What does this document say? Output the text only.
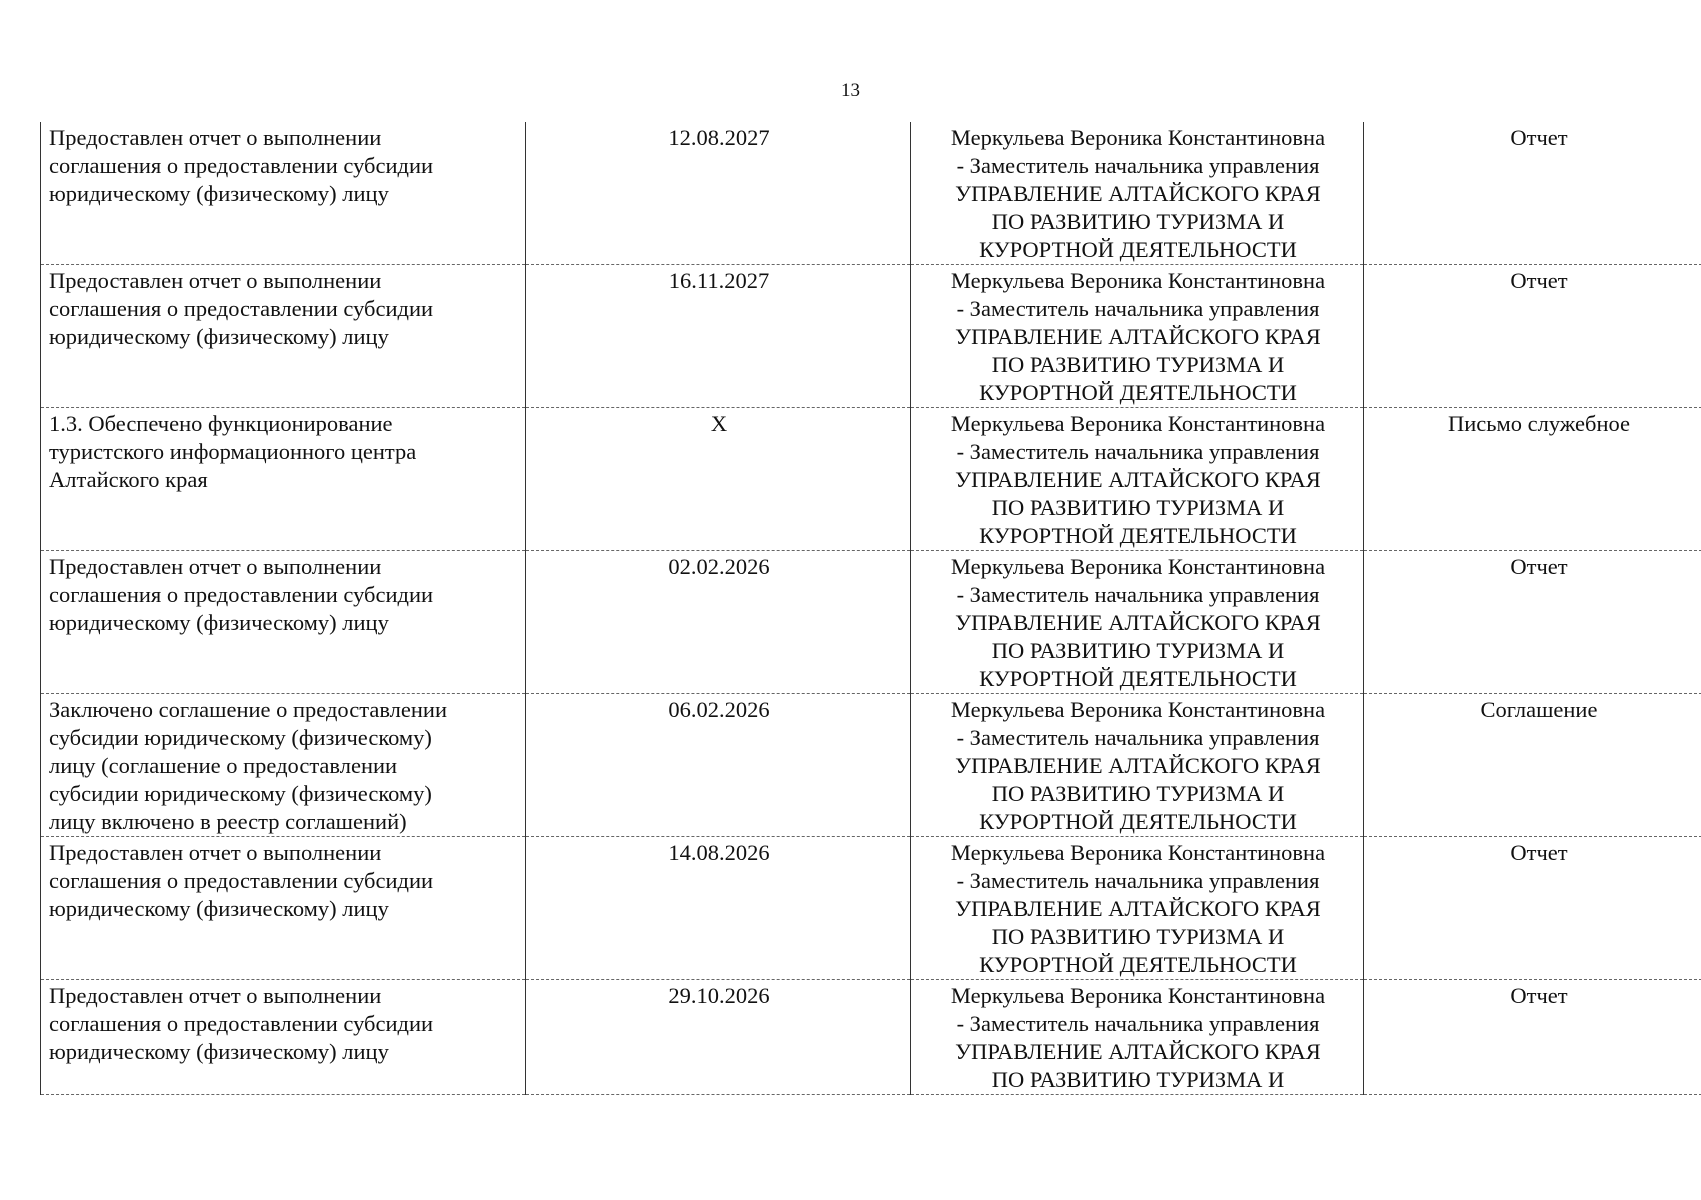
13
Предоставлен отчет о выполнении
соглашения о предоставлении субсидии
юридическому (физическому) лицу	12.08.2027	Меркульева Вероника Константиновна
- Заместитель начальника управления
УПРАВЛЕНИЕ АЛТАЙСКОГО КРАЯ
ПО РАЗВИТИЮ ТУРИЗМА И
КУРОРТНОЙ ДЕЯТЕЛЬНОСТИ	Отчет

Предоставлен отчет о выполнении
соглашения о предоставлении субсидии
юридическому (физическому) лицу	16.11.2027	Меркульева Вероника Константиновна
- Заместитель начальника управления
УПРАВЛЕНИЕ АЛТАЙСКОГО КРАЯ
ПО РАЗВИТИЮ ТУРИЗМА И
КУРОРТНОЙ ДЕЯТЕЛЬНОСТИ	Отчет

1.3. Обеспечено функционирование
туристского информационного центра
Алтайского края	X	Меркульева Вероника Константиновна
- Заместитель начальника управления
УПРАВЛЕНИЕ АЛТАЙСКОГО КРАЯ
ПО РАЗВИТИЮ ТУРИЗМА И
КУРОРТНОЙ ДЕЯТЕЛЬНОСТИ	Письмо служебное

Предоставлен отчет о выполнении
соглашения о предоставлении субсидии
юридическому (физическому) лицу	02.02.2026	Меркульева Вероника Константиновна
- Заместитель начальника управления
УПРАВЛЕНИЕ АЛТАЙСКОГО КРАЯ
ПО РАЗВИТИЮ ТУРИЗМА И
КУРОРТНОЙ ДЕЯТЕЛЬНОСТИ	Отчет

Заключено соглашение о предоставлении
субсидии юридическому (физическому)
лицу (соглашение о предоставлении
субсидии юридическому (физическому)
лицу включено в реестр соглашений)	06.02.2026	Меркульева Вероника Константиновна
- Заместитель начальника управления
УПРАВЛЕНИЕ АЛТАЙСКОГО КРАЯ
ПО РАЗВИТИЮ ТУРИЗМА И
КУРОРТНОЙ ДЕЯТЕЛЬНОСТИ	Соглашение

Предоставлен отчет о выполнении
соглашения о предоставлении субсидии
юридическому (физическому) лицу	14.08.2026	Меркульева Вероника Константиновна
- Заместитель начальника управления
УПРАВЛЕНИЕ АЛТАЙСКОГО КРАЯ
ПО РАЗВИТИЮ ТУРИЗМА И
КУРОРТНОЙ ДЕЯТЕЛЬНОСТИ	Отчет

Предоставлен отчет о выполнении
соглашения о предоставлении субсидии
юридическому (физическому) лицу	29.10.2026	Меркульева Вероника Константиновна
- Заместитель начальника управления
УПРАВЛЕНИЕ АЛТАЙСКОГО КРАЯ
ПО РАЗВИТИЮ ТУРИЗМА И	Отчет
